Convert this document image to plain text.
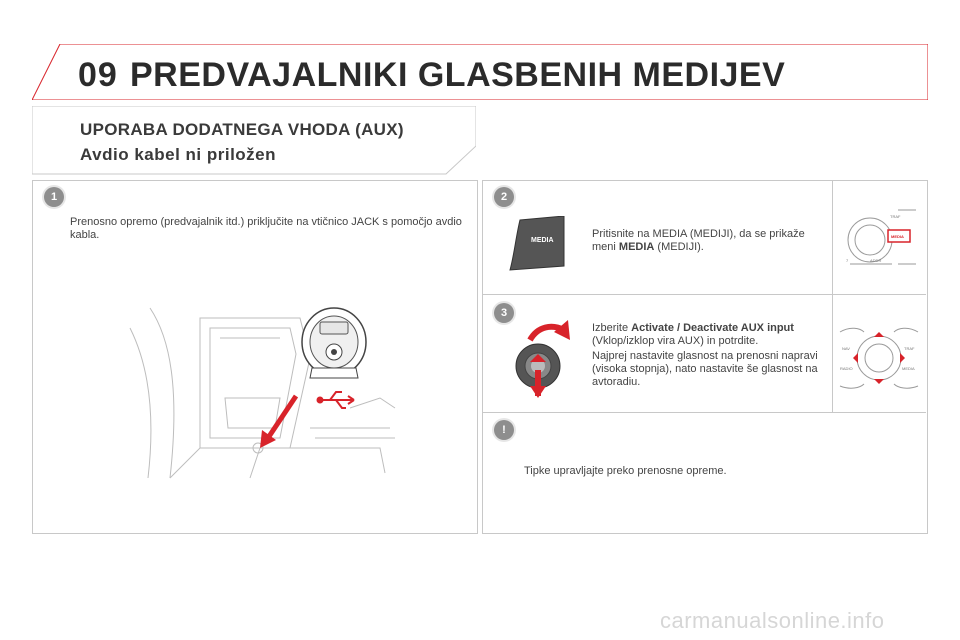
09 PREDVAJALNIKI GLASBENIH MEDIJEV
UPORABA DODATNEGA VHODA (AUX)
Avdio kabel ni priložen
1	2
3
!
Prenosno opremo (predvajalnik itd.) priključite na vtičnico JACK s pomočjo avdio kabla.	MEDIA
Pritisnite na MEDIA (MEDIJI), da se prikaže meni MEDIA (MEDIJI).
TRAF
MEDIA
7	ADDR
Izberite Activate / Deactivate AUX input (Vklop/izklop vira AUX) in potrdite.
Najprej nastavite glasnost na prenosni napravi (visoka stopnja), nato nastavite še glasnost na avtoradiu.
NAV	TRAF
RADIO	MEDIA
Tipke upravljajte preko prenosne opreme.
carmanualsonline.info
